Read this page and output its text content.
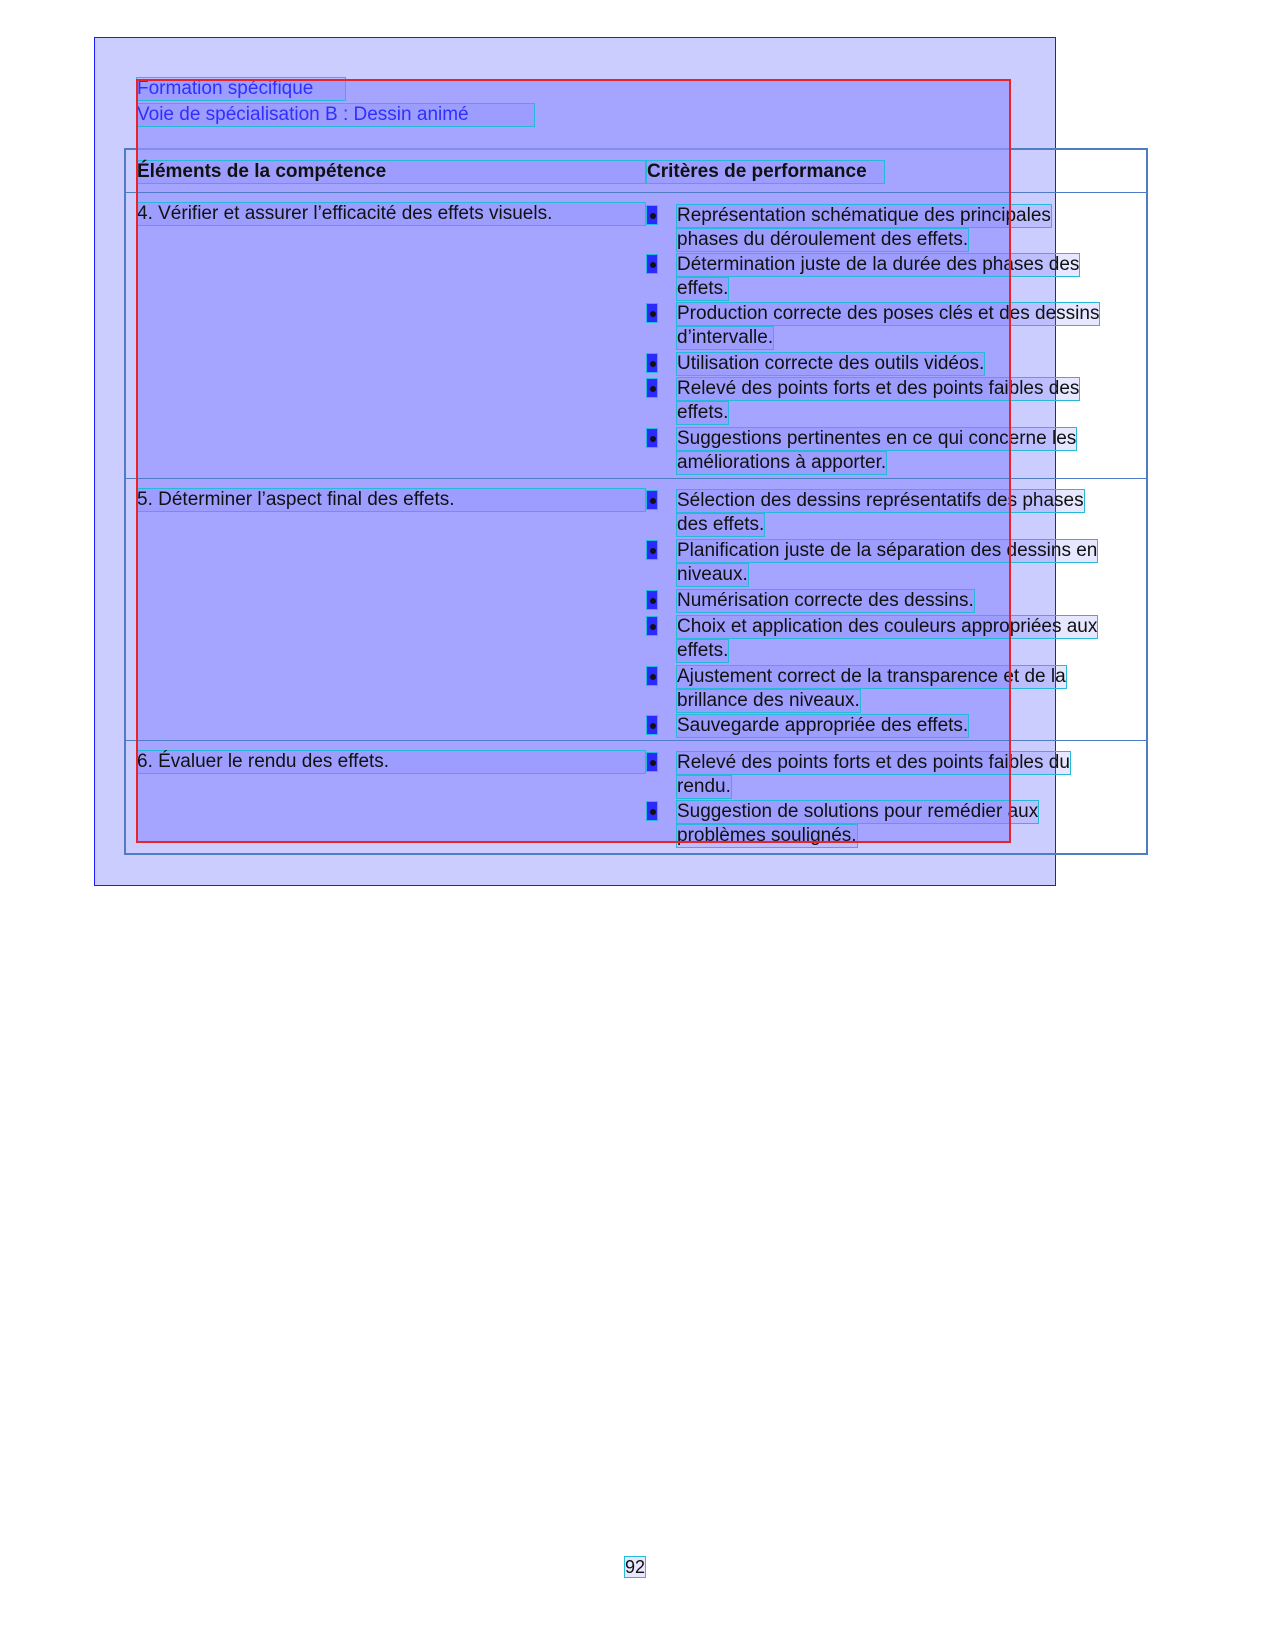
Formation spécifique
Voie de spécialisation B : Dessin animé
Éléments de la compétence	Critères de performance
4. Vérifier et assurer l’efficacité des effets visuels.	Représentation schématique des principales
phases du déroulement des effets.
Détermination juste de la durée des phases des
effets.
Production correcte des poses clés et des dessins
d’intervalle.
Utilisation correcte des outils vidéos.
Relevé des points forts et des points faibles des
effets.
Suggestions pertinentes en ce qui concerne les
améliorations à apporter.
5. Déterminer l’aspect final des effets.	Sélection des dessins représentatifs des phases
des effets.
Planification juste de la séparation des dessins en
niveaux.
Numérisation correcte des dessins.
Choix et application des couleurs appropriées aux
effets.
Ajustement correct de la transparence et de la
brillance des niveaux.
Sauvegarde appropriée des effets.
6. Évaluer le rendu des effets.	Relevé des points forts et des points faibles du
rendu.
Suggestion de solutions pour remédier aux
problèmes soulignés.
92
